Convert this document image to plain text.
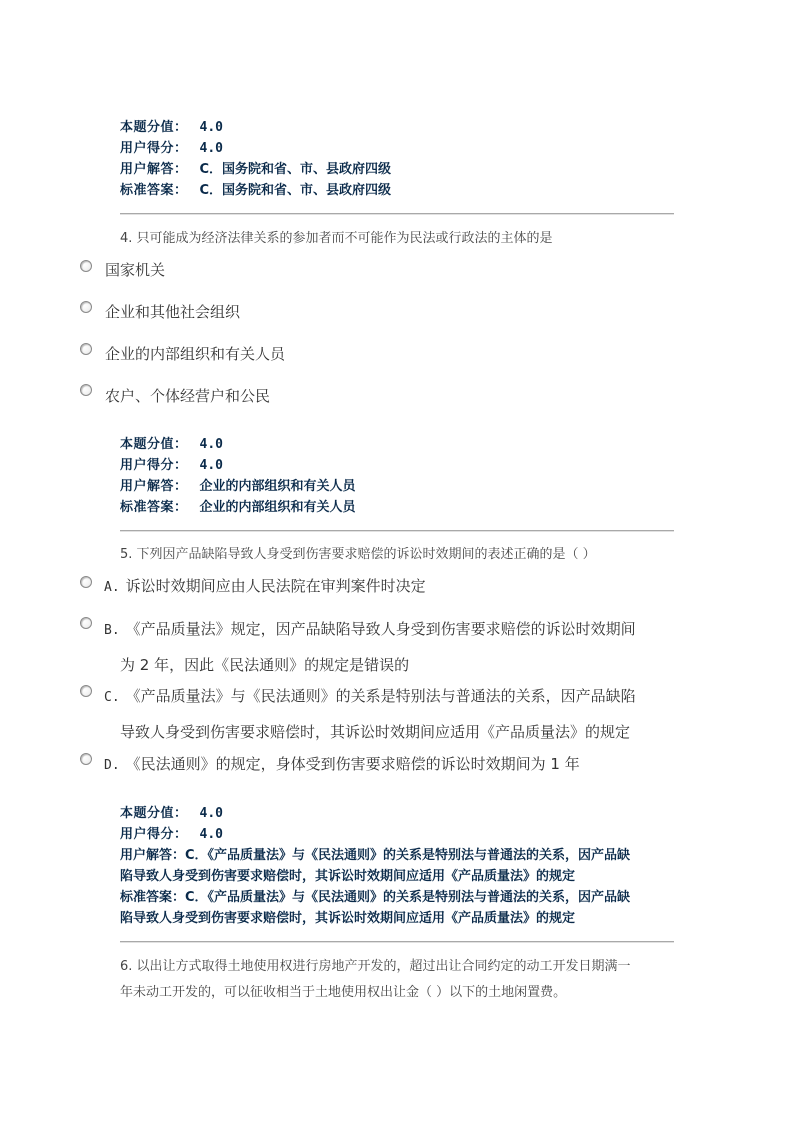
本题分值： 4.0
用户得分： 4.0
用户解答： C．国务院和省、市、县政府四级
标准答案： C．国务院和省、市、县政府四级
4. 只可能成为经济法律关系的参加者而不可能作为民法或行政法的主体的是
国家机关
企业和其他社会组织
企业的内部组织和有关人员
农户、个体经营户和公民
本题分值： 4.0
用户得分： 4.0
用户解答： 企业的内部组织和有关人员
标准答案： 企业的内部组织和有关人员
5. 下列因产品缺陷导致人身受到伤害要求赔偿的诉讼时效期间的表述正确的是（ ）
A. 诉讼时效期间应由人民法院在审判案件时决定
B. 《产品质量法》规定，因产品缺陷导致人身受到伤害要求赔偿的诉讼时效期间
为 2 年，因此《民法通则》的规定是错误的
C. 《产品质量法》与《民法通则》的关系是特别法与普通法的关系，因产品缺陷
导致人身受到伤害要求赔偿时，其诉讼时效期间应适用《产品质量法》的规定
D. 《民法通则》的规定，身体受到伤害要求赔偿的诉讼时效期间为 1 年
本题分值： 4.0
用户得分： 4.0
用户解答：C．《产品质量法》与《民法通则》的关系是特别法与普通法的关系，因产品缺
陷导致人身受到伤害要求赔偿时，其诉讼时效期间应适用《产品质量法》的规定
标准答案：C．《产品质量法》与《民法通则》的关系是特别法与普通法的关系，因产品缺
陷导致人身受到伤害要求赔偿时，其诉讼时效期间应适用《产品质量法》的规定
6. 以出让方式取得土地使用权进行房地产开发的，超过出让合同约定的动工开发日期满一
年未动工开发的，可以征收相当于土地使用权出让金（ ）以下的土地闲置费。
